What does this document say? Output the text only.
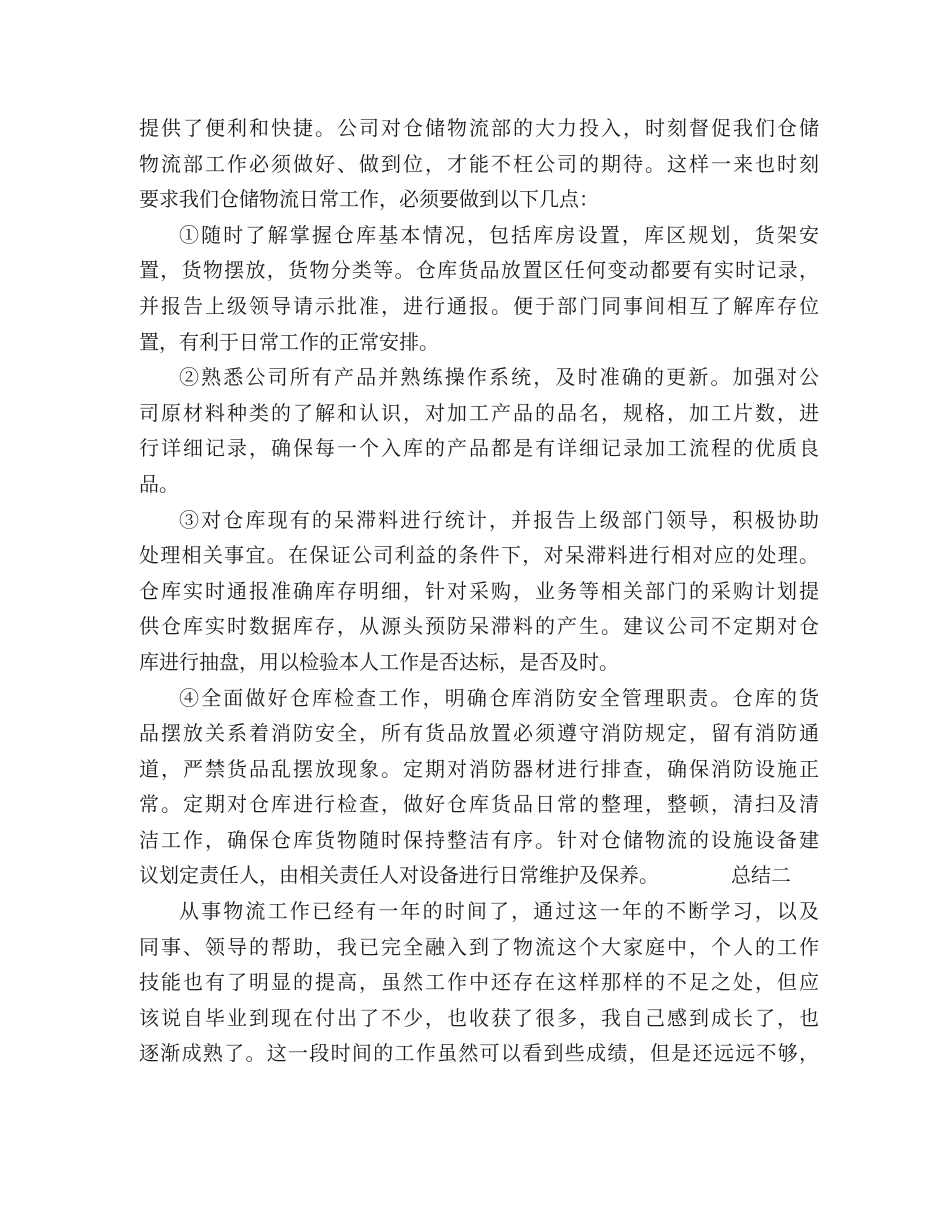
提供了便利和快捷。公司对仓储物流部的大力投入，时刻督促我们仓储
物流部工作必须做好、做到位，才能不枉公司的期待。这样一来也时刻
要求我们仓储物流日常工作，必须要做到以下几点：
①随时了解掌握仓库基本情况，包括库房设置，库区规划，货架安
置，货物摆放，货物分类等。仓库货品放置区任何变动都要有实时记录，
并报告上级领导请示批准，进行通报。便于部门同事间相互了解库存位
置，有利于日常工作的正常安排。
②熟悉公司所有产品并熟练操作系统，及时准确的更新。加强对公
司原材料种类的了解和认识，对加工产品的品名，规格，加工片数，进
行详细记录，确保每一个入库的产品都是有详细记录加工流程的优质良
品。
③对仓库现有的呆滞料进行统计，并报告上级部门领导，积极协助
处理相关事宜。在保证公司利益的条件下，对呆滞料进行相对应的处理。
仓库实时通报准确库存明细，针对采购，业务等相关部门的采购计划提
供仓库实时数据库存，从源头预防呆滞料的产生。建议公司不定期对仓
库进行抽盘，用以检验本人工作是否达标，是否及时。
④全面做好仓库检查工作，明确仓库消防安全管理职责。仓库的货
品摆放关系着消防安全，所有货品放置必须遵守消防规定，留有消防通
道，严禁货品乱摆放现象。定期对消防器材进行排查，确保消防设施正
常。定期对仓库进行检查，做好仓库货品日常的整理，整顿，清扫及清
洁工作，确保仓库货物随时保持整洁有序。针对仓储物流的设施设备建
议划定责任人，由相关责任人对设备进行日常维护及保养。	总结二
从事物流工作已经有一年的时间了，通过这一年的不断学习，以及
同事、领导的帮助，我已完全融入到了物流这个大家庭中，个人的工作
技能也有了明显的提高，虽然工作中还存在这样那样的不足之处，但应
该说自毕业到现在付出了不少，也收获了很多，我自己感到成长了，也
逐渐成熟了。这一段时间的工作虽然可以看到些成绩，但是还远远不够，
